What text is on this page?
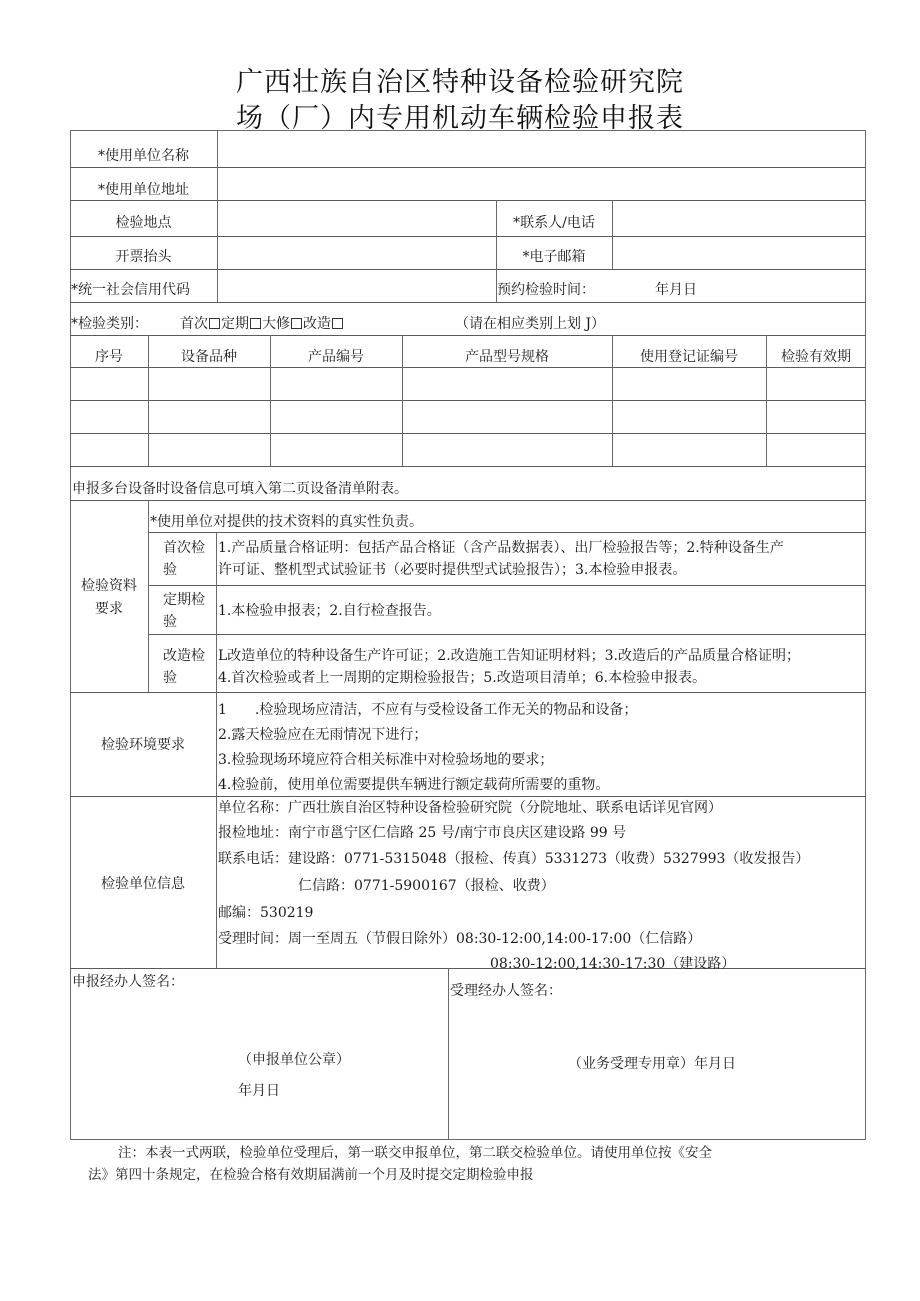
广西壮族自治区特种设备检验研究院
场（厂）内专用机动车辆检验申报表
*使用单位名称
*使用单位地址
检验地点	*联系人/电话
开票抬头	*电子邮箱
*统一社会信用代码	预约检验时间：	年月日
*检验类别： 首次 定期 大修 改造	（请在相应类别上划 J）
序号	设备品种	产品编号	产品型号规格	使用登记证编号	检验有效期
申报多台设备时设备信息可填入第二页设备清单附表。
检验资料
要求
*使用单位对提供的技术资料的真实性负责。
首次检
验
1.产品质量合格证明：包括产品合格证（含产品数据表）、出厂检验报告等；2.特种设备生产
许可证、整机型式试验证书（必要时提供型式试验报告）；3.本检验申报表。
定期检
验
1.本检验申报表；2.自行检查报告。
改造检
验
L改造单位的特种设备生产许可证；2.改造施工告知证明材料；3.改造后的产品质量合格证明；
4.首次检验或者上一周期的定期检验报告；5.改造项目清单；6.本检验申报表。
检验环境要求
1　　.检验现场应清洁，不应有与受检设备工作无关的物品和设备；
2.露天检验应在无雨情况下进行；
3.检验现场环境应符合相关标准中对检验场地的要求；
4.检验前，使用单位需要提供车辆进行额定载荷所需要的重物。
检验单位信息
单位名称：广西壮族自治区特种设备检验研究院（分院地址、联系电话详见官网）
报检地址：南宁市邕宁区仁信路 25 号/南宁市良庆区建设路 99 号
联系电话：建设路：0771-5315048（报检、传真）5331273（收费）5327993（收发报告）
仁信路：0771-5900167（报检、收费）
邮编：530219
受理时间：周一至周五（节假日除外）08:30-12:00,14:00-17:00（仁信路）
08:30-12:00,14:30-17:30（建设路）
申报经办人签名：
（申报单位公章）
年月日
受理经办人签名：
（业务受理专用章）年月日
注：本表一式两联，检验单位受理后，第一联交申报单位，第二联交检验单位。请使用单位按《安全
法》第四十条规定，在检验合格有效期届满前一个月及时提交定期检验申报
